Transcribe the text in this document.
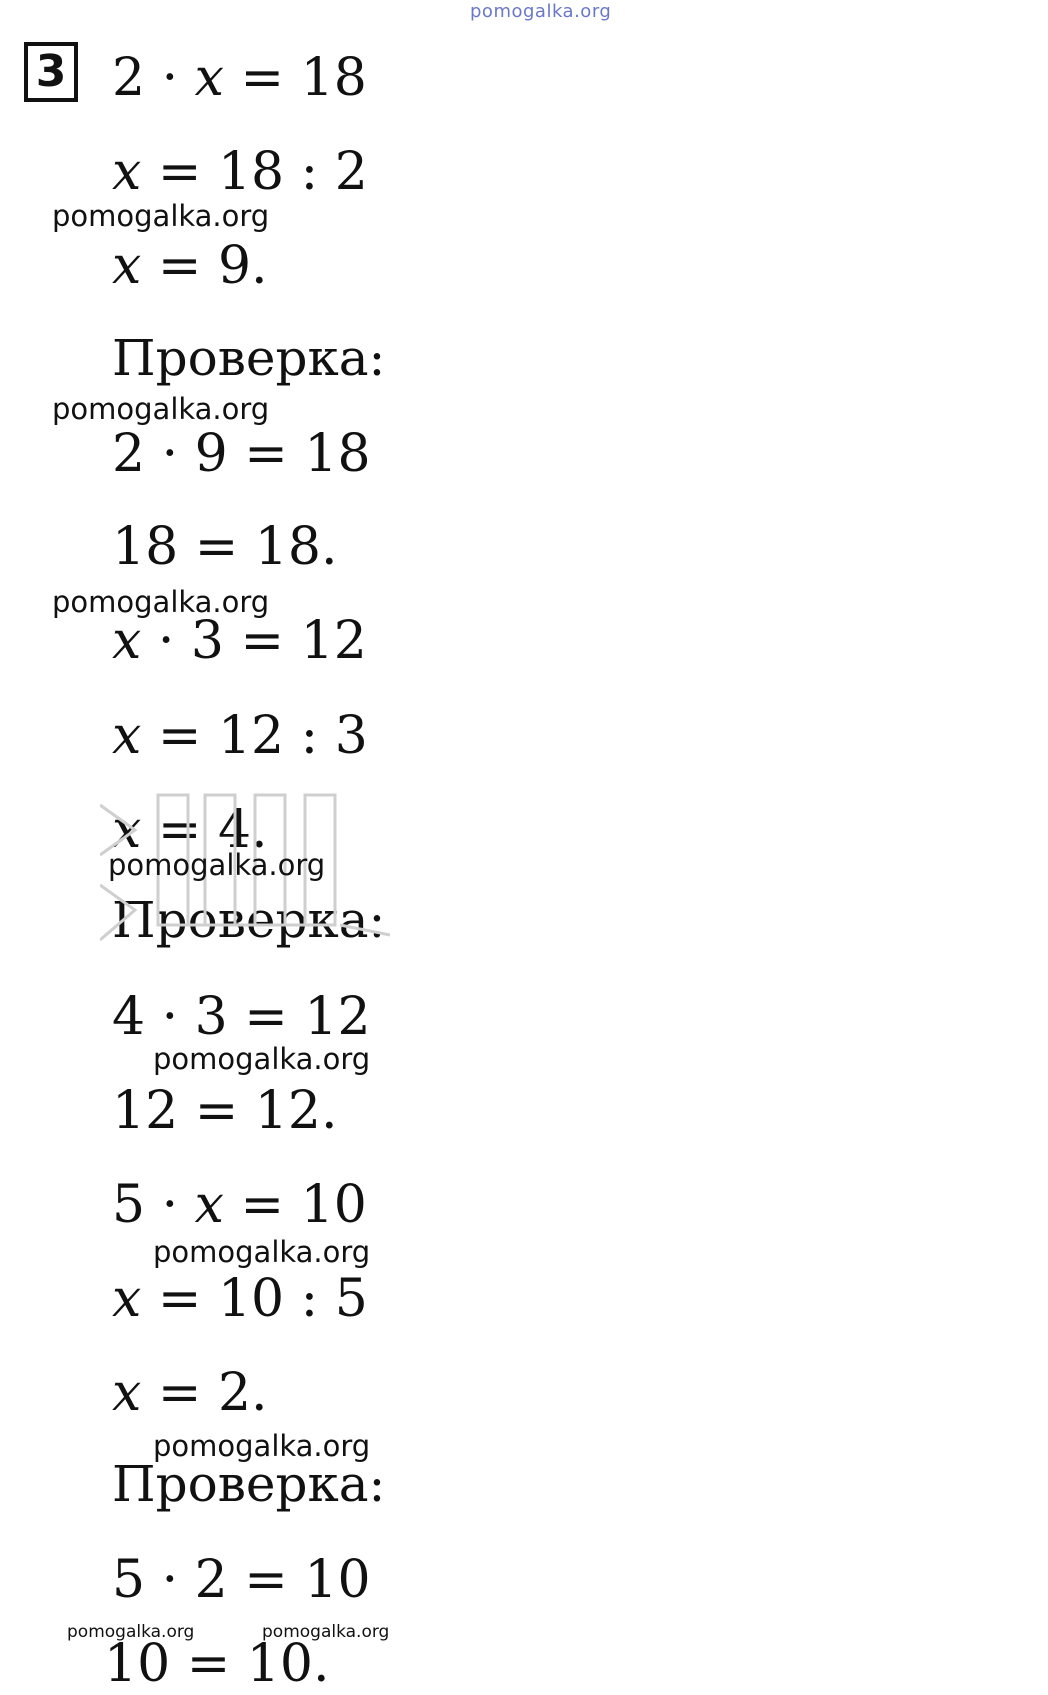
pomogalka.org
3 2 · 𝑥 = 18
𝑥 = 18 : 2
𝑥 = 9.
Проверка:
2 · 9 = 18
18 = 18.
𝑥 · 3 = 12
𝑥 = 12 : 3
𝑥 = 4.
Проверка:
4 · 3 = 12
12 = 12.
5 · 𝑥 = 10
𝑥 = 10 : 5
𝑥 = 2.
Проверка:
5 · 2 = 10
10 = 10.
pomogalka.org
pomogalka.org
pomogalka.org
pomogalka.org
pomogalka.org
pomogalka.org
pomogalka.org
pomogalka.org	pomogalka.org
